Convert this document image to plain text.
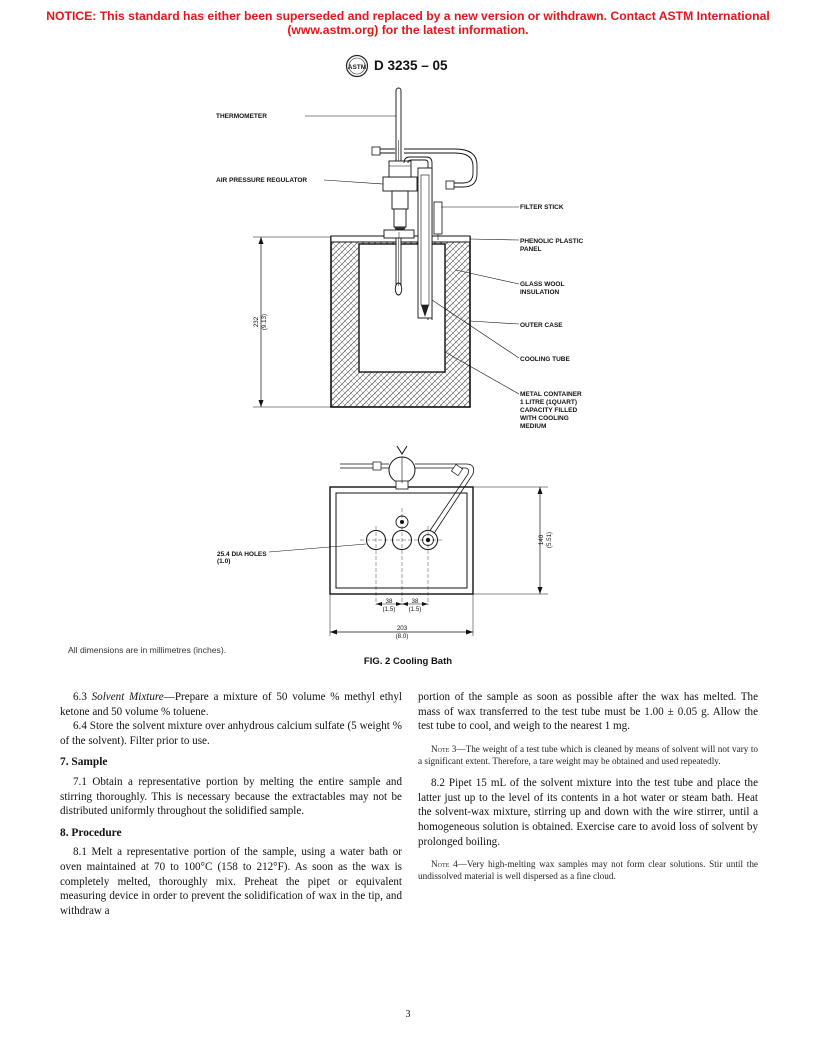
NOTICE: This standard has either been superseded and replaced by a new version or withdrawn. Contact ASTM International (www.astm.org) for the latest information.
ASTM D 3235 – 05
232 (9.13)
THERMOMETER
AIR PRESSURE REGULATOR
FILTER STICK
PHENOLIC PLASTIC
PANEL
GLASS WOOL
INSULATION
OUTER CASE
COOLING TUBE
METAL CONTAINER
1 LITRE (1QUART)
CAPACITY FILLED
WITH COOLING
MEDIUM
25.4 DIA HOLES
(1.0)
140 (5.51)
38
(1.5)
38
(1.5)
203
(8.0)
All dimensions are in millimetres (inches).
FIG. 2 Cooling Bath

6.3 Solvent Mixture—Prepare a mixture of 50 volume % methyl ethyl ketone and 50 volume % toluene.

6.4 Store the solvent mixture over anhydrous calcium sulfate (5 weight % of the solvent). Filter prior to use.

7. Sample

7.1 Obtain a representative portion by melting the entire sample and stirring thoroughly. This is necessary because the extractables may not be distributed uniformly throughout the solidified sample.

8. Procedure

8.1 Melt a representative portion of the sample, using a water bath or oven maintained at 70 to 100°C (158 to 212°F). As soon as the wax is completely melted, thoroughly mix. Preheat the pipet or equivalent measuring device in order to prevent the solidification of wax in the tip, and withdraw a

portion of the sample as soon as possible after the wax has melted. The mass of wax transferred to the test tube must be 1.00 ± 0.05 g. Allow the test tube to cool, and weigh to the nearest 1 mg.

Note 3—The weight of a test tube which is cleaned by means of solvent will not vary to a significant extent. Therefore, a tare weight may be obtained and used repeatedly.

8.2 Pipet 15 mL of the solvent mixture into the test tube and place the latter just up to the level of its contents in a hot water or steam bath. Heat the solvent-wax mixture, stirring up and down with the wire stirrer, until a homogeneous solution is obtained. Exercise care to avoid loss of solvent by prolonged boiling.

Note 4—Very high-melting wax samples may not form clear solutions. Stir until the undissolved material is well dispersed as a fine cloud.

3
